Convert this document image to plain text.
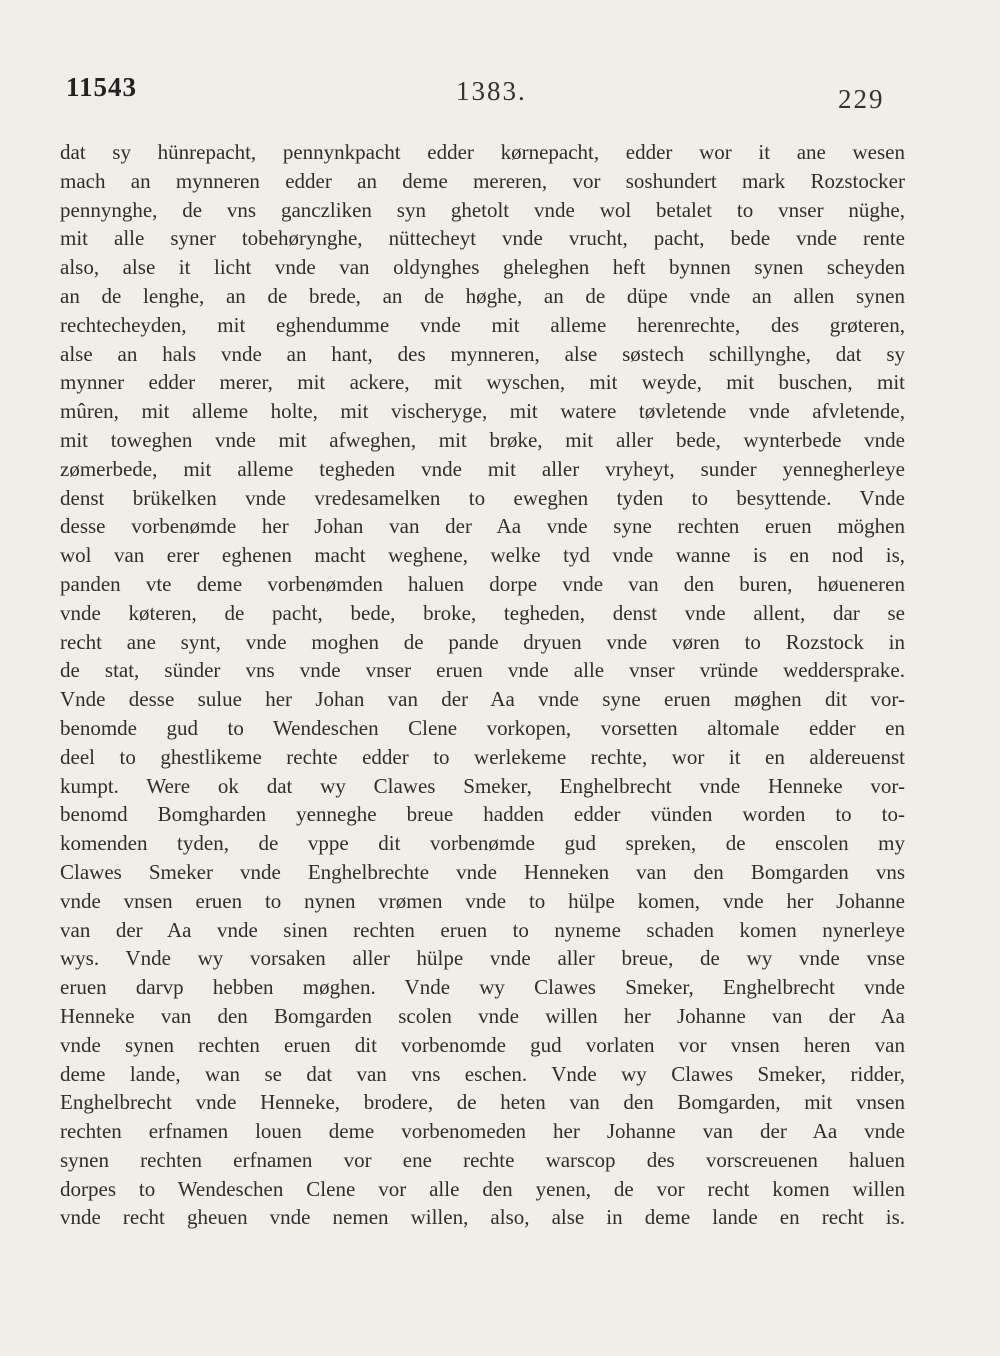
11543	1383.	229
dat sy hünrepacht, pennynkpacht edder kørnepacht, edder wor it ane wesen
mach an mynneren edder an deme mereren, vor soshundert mark Rozstocker
pennynghe, de vns ganczliken syn ghetolt vnde wol betalet to vnser nüghe,
mit alle syner tobehørynghe, nüttecheyt vnde vrucht, pacht, bede vnde rente
also, alse it licht vnde van oldynghes gheleghen heft bynnen synen scheyden
an de lenghe, an de brede, an de høghe, an de düpe vnde an allen synen
rechtecheyden, mit eghendumme vnde mit alleme herenrechte, des grøteren,
alse an hals vnde an hant, des mynneren, alse søstech schillynghe, dat sy
mynner edder merer, mit ackere, mit wyschen, mit weyde, mit buschen, mit
mûren, mit alleme holte, mit vischeryge, mit watere tøvletende vnde afvletende,
mit toweghen vnde mit afweghen, mit brøke, mit aller bede, wynterbede vnde
zømerbede, mit alleme tegheden vnde mit aller vryheyt, sunder yennegherleye
denst brükelken vnde vredesamelken to eweghen tyden to besyttende. Vnde
desse vorbenømde her Johan van der Aa vnde syne rechten eruen möghen
wol van erer eghenen macht weghene, welke tyd vnde wanne is en nod is,
panden vte deme vorbenømden haluen dorpe vnde van den buren, høueneren
vnde køteren, de pacht, bede, broke, tegheden, denst vnde allent, dar se
recht ane synt, vnde moghen de pande dryuen vnde vøren to Rozstock in
de stat, sünder vns vnde vnser eruen vnde alle vnser vründe weddersprake.
Vnde desse sulue her Johan van der Aa vnde syne eruen møghen dit vor-
benomde gud to Wendeschen Clene vorkopen, vorsetten altomale edder en
deel to ghestlikeme rechte edder to werlekeme rechte, wor it en aldereuenst
kumpt. Were ok dat wy Clawes Smeker, Enghelbrecht vnde Henneke vor-
benomd Bomgharden yenneghe breue hadden edder vünden worden to to-
komenden tyden, de vppe dit vorbenømde gud spreken, de enscolen my
Clawes Smeker vnde Enghelbrechte vnde Henneken van den Bomgarden vns
vnde vnsen eruen to nynen vrømen vnde to hülpe komen, vnde her Johanne
van der Aa vnde sinen rechten eruen to nyneme schaden komen nynerleye
wys. Vnde wy vorsaken aller hülpe vnde aller breue, de wy vnde vnse
eruen darvp hebben møghen. Vnde wy Clawes Smeker, Enghelbrecht vnde
Henneke van den Bomgarden scolen vnde willen her Johanne van der Aa
vnde synen rechten eruen dit vorbenomde gud vorlaten vor vnsen heren van
deme lande, wan se dat van vns eschen. Vnde wy Clawes Smeker, ridder,
Enghelbrecht vnde Henneke, brodere, de heten van den Bomgarden, mit vnsen
rechten erfnamen louen deme vorbenomeden her Johanne van der Aa vnde
synen rechten erfnamen vor ene rechte warscop des vorscreuenen haluen
dorpes to Wendeschen Clene vor alle den yenen, de vor recht komen willen
vnde recht gheuen vnde nemen willen, also, alse in deme lande en recht is.
